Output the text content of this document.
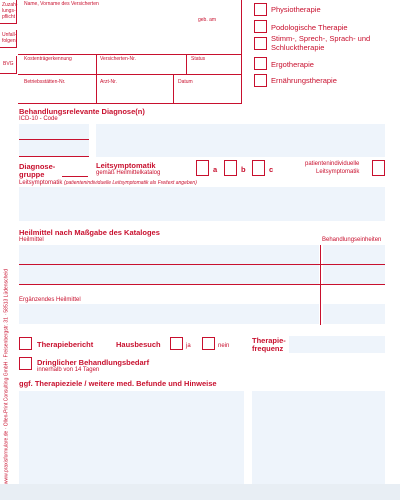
www.praxisformulare.de · Ollen-Print Consulting GmbH · Freisenbergstr. 31 · 58513 Lüdenscheid
Zuzah-lungs-pflicht
Unfall-folgen
BVG
Name, Vorname des Versicherten
geb. am
Kostenträgerkennung	Versicherten-Nr.	Status
Betriebsstätten-Nr.	Arzt-Nr.	Datum
Physiotherapie
Podologische Therapie
Stimm-, Sprech-, Sprach- und Schlucktherapie
Ergotherapie
Ernährungstherapie
Behandlungsrelevante Diagnose(n)
ICD-10 - Code
Diagnose-
gruppe
Leitsymptomatik
gemäß Heilmittelkatalog	a	b	c
patientenindividuelle
Leitsymptomatik
Leitsymptomatik (patientenindividuelle Leitsymptomatik als Freitext angeben)
Heilmittel nach Maßgabe des Kataloges
Heilmittel	Behandlungseinheiten
Ergänzendes Heilmittel
Therapiebericht	Hausbesuch	ja	nein
Therapie-
frequenz
Dringlicher Behandlungsbedarf
innerhalb von 14 Tagen
ggf. Therapieziele / weitere med. Befunde und Hinweise
